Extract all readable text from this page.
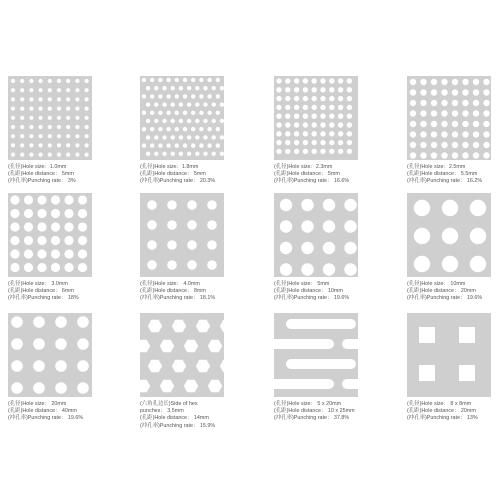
(孔径)Hole size：1.0mm
(孔距)Hole distance： 5mm
(冲孔率)Punching rate： 3%
(孔径)Hole size：1.8mm
(孔距)Hole distance： 5mm
(冲孔率)Punching rate： 20.3%
(孔径)Hole size：2.3mm
(孔距)Hole distance： 5mm
(冲孔率)Punching rate： 16.6%
(孔径)Hole size：2.5mm
(孔距)Hole distance： 5.5mm
(冲孔率)Punching rate： 16.2%
(孔径)Hole size： 3.0mm
(孔距)Hole distance： 6mm
(冲孔率)Punching rate： 18%
(孔径)Hole size： 4.0mm
(孔距)Hole distance： 8mm
(冲孔率)Punching rate： 18.1%
(孔径)Hole size： 5mm
(孔距)Hole distance： 10mm
(冲孔率)Punching rate： 19.6%
(孔径)Hole size： 10mm
(孔距)Hole distance： 20mm
(冲孔率)Punching rate： 19.6%
(孔径)Hole size： 20mm
(孔距)Hole distance： 40mm
(冲孔率)Punching rate： 19.6%
(六角孔边长)Side of hex
punches： 3.5mm
(孔距)Hole distance： 14mm
(冲孔率)Punching rate： 15.9%
(孔径)Hole size： 5 x 20mm
(孔距)Hole distance： 10 x 25mm
(冲孔率)Punching rate： 37.8%
(孔径)Hole size： 8 x 8mm
(孔距)Hole distance： 20mm
(冲孔率)Punching rate： 13%
